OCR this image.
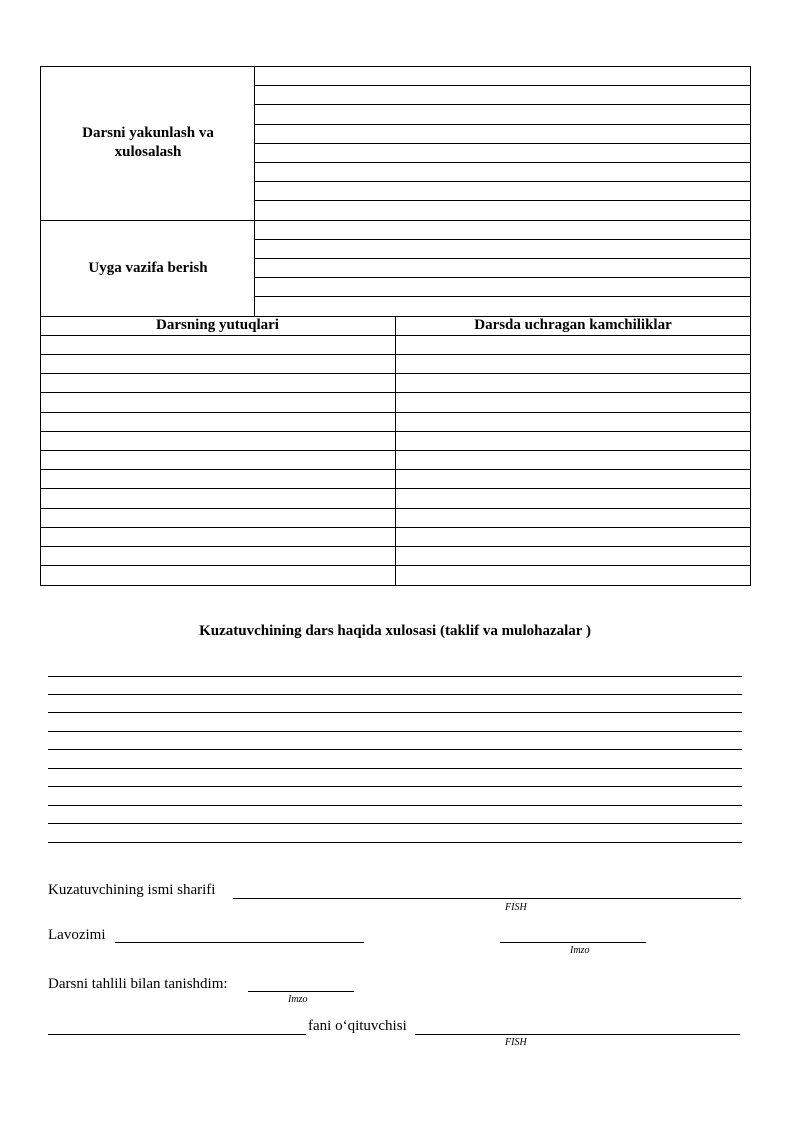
Darsni yakunlash va xulosalash
Uyga vazifa berish
Darsning yutuqlari	Darsda uchragan kamchiliklar
Kuzatuvchining dars haqida xulosasi (taklif va mulohazalar )
Kuzatuvchining ismi sharifi
FISH
Lavozimi
Imzo
Darsni tahlili bilan tanishdim:
Imzo
fani o‘qituvchisi
FISH
